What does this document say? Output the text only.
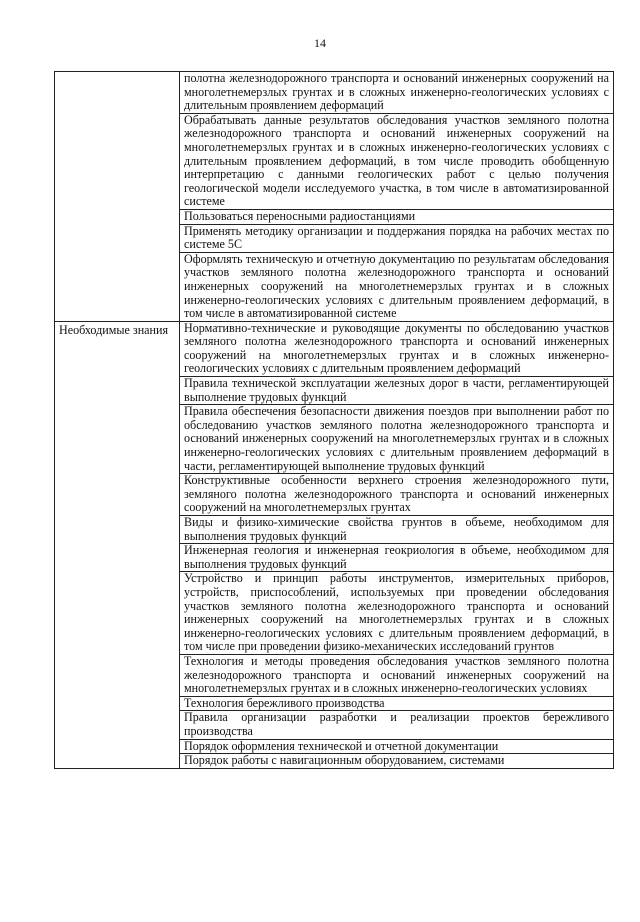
14

	полотна железнодорожного транспорта и оснований инженерных сооружений на многолетнемерзлых грунтах и в сложных инженерно-геологических условиях с длительным проявлением деформаций

	Обрабатывать данные результатов обследования участков земляного полотна железнодорожного транспорта и оснований инженерных сооружений на многолетнемерзлых грунтах и в сложных инженерно-геологических условиях с длительным проявлением деформаций, в том числе проводить обобщенную интерпретацию с данными геологических работ с целью получения геологической модели исследуемого участка, в том числе в автоматизированной системе

	Пользоваться переносными радиостанциями

	Применять методику организации и поддержания порядка на рабочих местах по системе 5С

	Оформлять техническую и отчетную документацию по результатам обследования участков земляного полотна железнодорожного транспорта и оснований инженерных сооружений на многолетнемерзлых грунтах и в сложных инженерно-геологических условиях с длительным проявлением деформаций, в том числе в автоматизированной системе

Необходимые знания	Нормативно-технические и руководящие документы по обследованию участков земляного полотна железнодорожного транспорта и оснований инженерных сооружений на многолетнемерзлых грунтах и в сложных инженерно-геологических условиях с длительным проявлением деформаций

	Правила технической эксплуатации железных дорог в части, регламентирующей выполнение трудовых функций

	Правила обеспечения безопасности движения поездов при выполнении работ по обследованию участков земляного полотна железнодорожного транспорта и оснований инженерных сооружений на многолетнемерзлых грунтах и в сложных инженерно-геологических условиях с длительным проявлением деформаций в части, регламентирующей выполнение трудовых функций

	Конструктивные особенности верхнего строения железнодорожного пути, земляного полотна железнодорожного транспорта и оснований инженерных сооружений на многолетнемерзлых грунтах

	Виды и физико-химические свойства грунтов в объеме, необходимом для выполнения трудовых функций

	Инженерная геология и инженерная геокриология в объеме, необходимом для выполнения трудовых функций

	Устройство и принцип работы инструментов, измерительных приборов, устройств, приспособлений, используемых при проведении обследования участков земляного полотна железнодорожного транспорта и оснований инженерных сооружений на многолетнемерзлых грунтах и в сложных инженерно-геологических условиях с длительным проявлением деформаций, в том числе при проведении физико-механических исследований грунтов

	Технология и методы проведения обследования участков земляного полотна железнодорожного транспорта и оснований инженерных сооружений на многолетнемерзлых грунтах и в сложных инженерно-геологических условиях

	Технология бережливого производства

	Правила организации разработки и реализации проектов бережливого производства

	Порядок оформления технической и отчетной документации

	Порядок работы с навигационным оборудованием, системами
